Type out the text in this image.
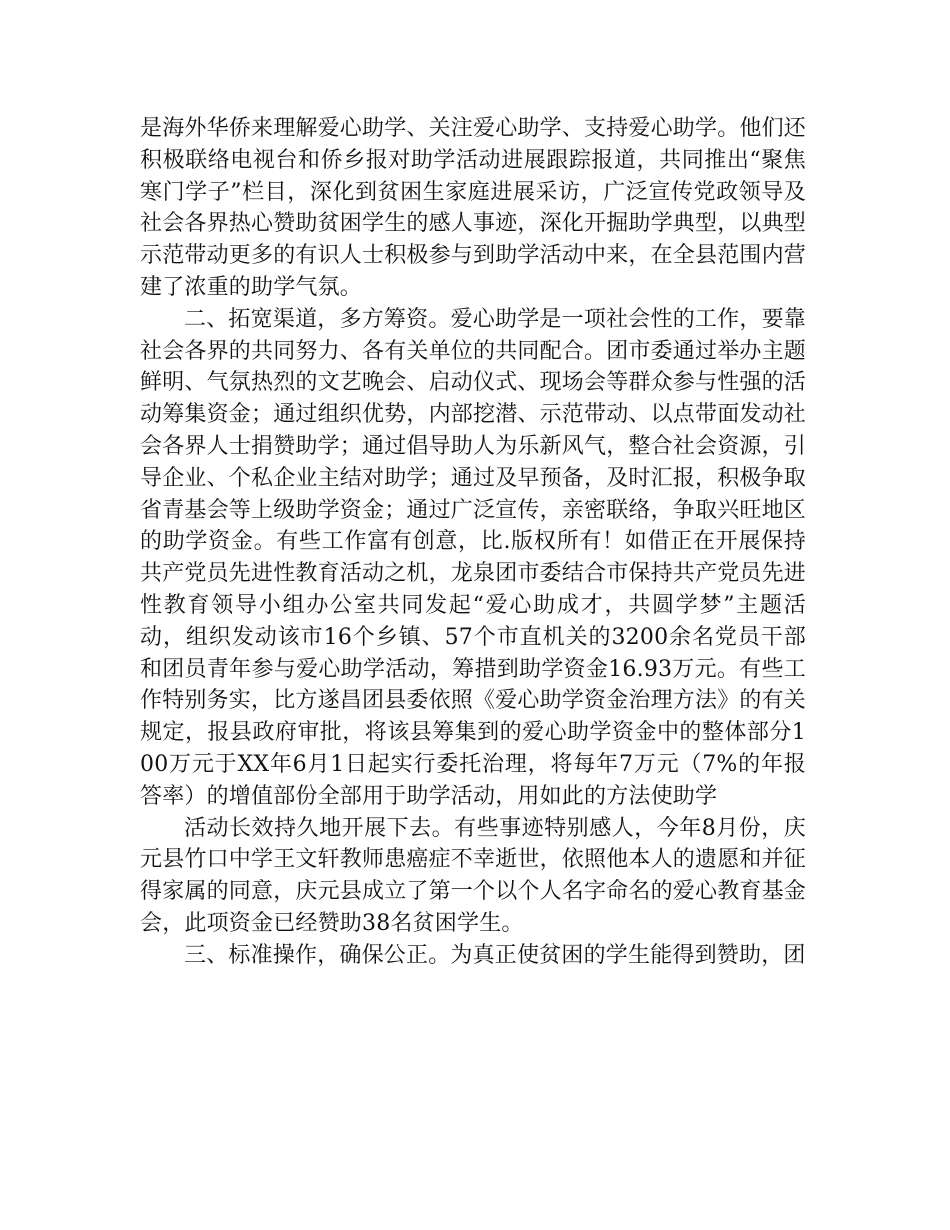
是海外华侨来理解爱心助学、关注爱心助学、支持爱心助学。他们还积极联络电视台和侨乡报对助学活动进展跟踪报道，共同推出“聚焦寒门学子”栏目，深化到贫困生家庭进展采访，广泛宣传党政领导及社会各界热心赞助贫困学生的感人事迹，深化开掘助学典型，以典型示范带动更多的有识人士积极参与到助学活动中来，在全县范围内营建了浓重的助学气氛。

二、拓宽渠道，多方筹资。爱心助学是一项社会性的工作，要靠社会各界的共同努力、各有关单位的共同配合。团市委通过举办主题鲜明、气氛热烈的文艺晚会、启动仪式、现场会等群众参与性强的活动筹集资金；通过组织优势，内部挖潜、示范带动、以点带面发动社会各界人士捐赞助学；通过倡导助人为乐新风气，整合社会资源，引导企业、个私企业主结对助学；通过及早预备，及时汇报，积极争取省青基会等上级助学资金；通过广泛宣传，亲密联络，争取兴旺地区的助学资金。有些工作富有创意，比.版权所有！如借正在开展保持共产党员先进性教育活动之机，龙泉团市委结合市保持共产党员先进性教育领导小组办公室共同发起“爱心助成才，共圆学梦”主题活动，组织发动该市16个乡镇、57个市直机关的3200余名党员干部和团员青年参与爱心助学活动，筹措到助学资金16.93万元。有些工作特别务实，比方遂昌团县委依照《爱心助学资金治理方法》的有关规定，报县政府审批，将该县筹集到的爱心助学资金中的整体部分100万元于XX年6月1日起实行委托治理，将每年7万元（7%的年报答率）的增值部份全部用于助学活动，用如此的方法使助学

活动长效持久地开展下去。有些事迹特别感人，今年8月份，庆元县竹口中学王文轩教师患癌症不幸逝世，依照他本人的遗愿和并征得家属的同意，庆元县成立了第一个以个人名字命名的爱心教育基金会，此项资金已经赞助38名贫困学生。

三、标准操作，确保公正。为真正使贫困的学生能得到赞助，团
